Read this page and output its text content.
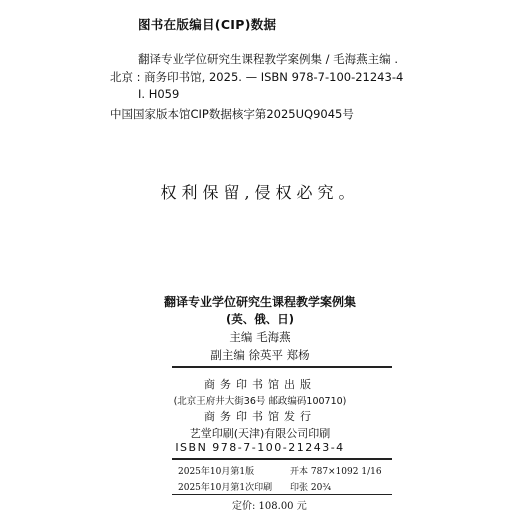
图书在版编目(CIP)数据
翻译专业学位研究生课程教学案例集 / 毛海燕主编 .
北京 : 商务印书馆, 2025. — ISBN 978-7-100-21243-4
Ⅰ. H059
中国国家版本馆CIP数据核字第2025UQ9045号
权利保留,侵权必究。
翻译专业学位研究生课程教学案例集
(英、俄、日)
主编 毛海燕
副主编 徐英平 郑杨
商务印书馆出版
(北京王府井大街36号 邮政编码100710)
商务印书馆发行
艺堂印刷(天津)有限公司印刷
ISBN 978-7-100-21243-4
2025年10月第1版	开本 787×1092 1/16
2025年10月第1次印刷 印张 20¾
定价: 108.00 元
